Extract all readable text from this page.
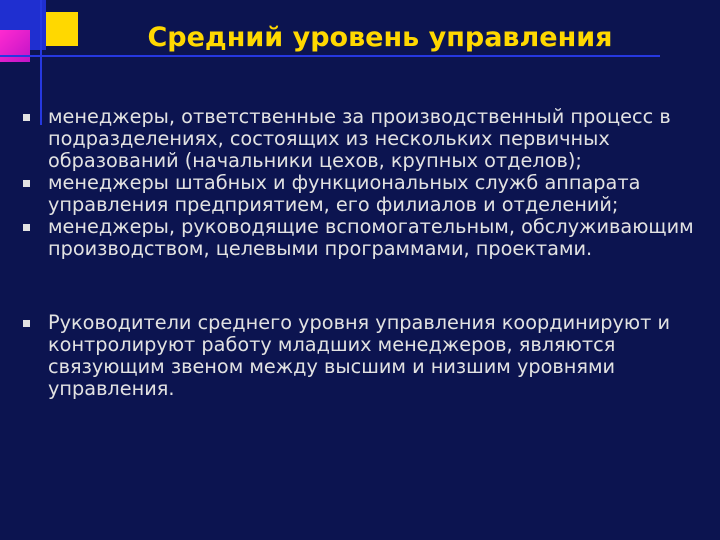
Средний уровень управления
менеджеры, ответственные за производственный процесс в подразделениях, состоящих из нескольких первичных образований (начальники цехов, крупных отделов);
менеджеры штабных и функциональных служб аппарата управления предприятием, его филиалов и отделений;
менеджеры, руководящие вспомогательным, обслуживающим производством, целевыми программами, проектами.
Руководители среднего уровня управления координируют и контролируют работу младших менеджеров, являются связующим звеном между высшим и низшим уровнями управления.
